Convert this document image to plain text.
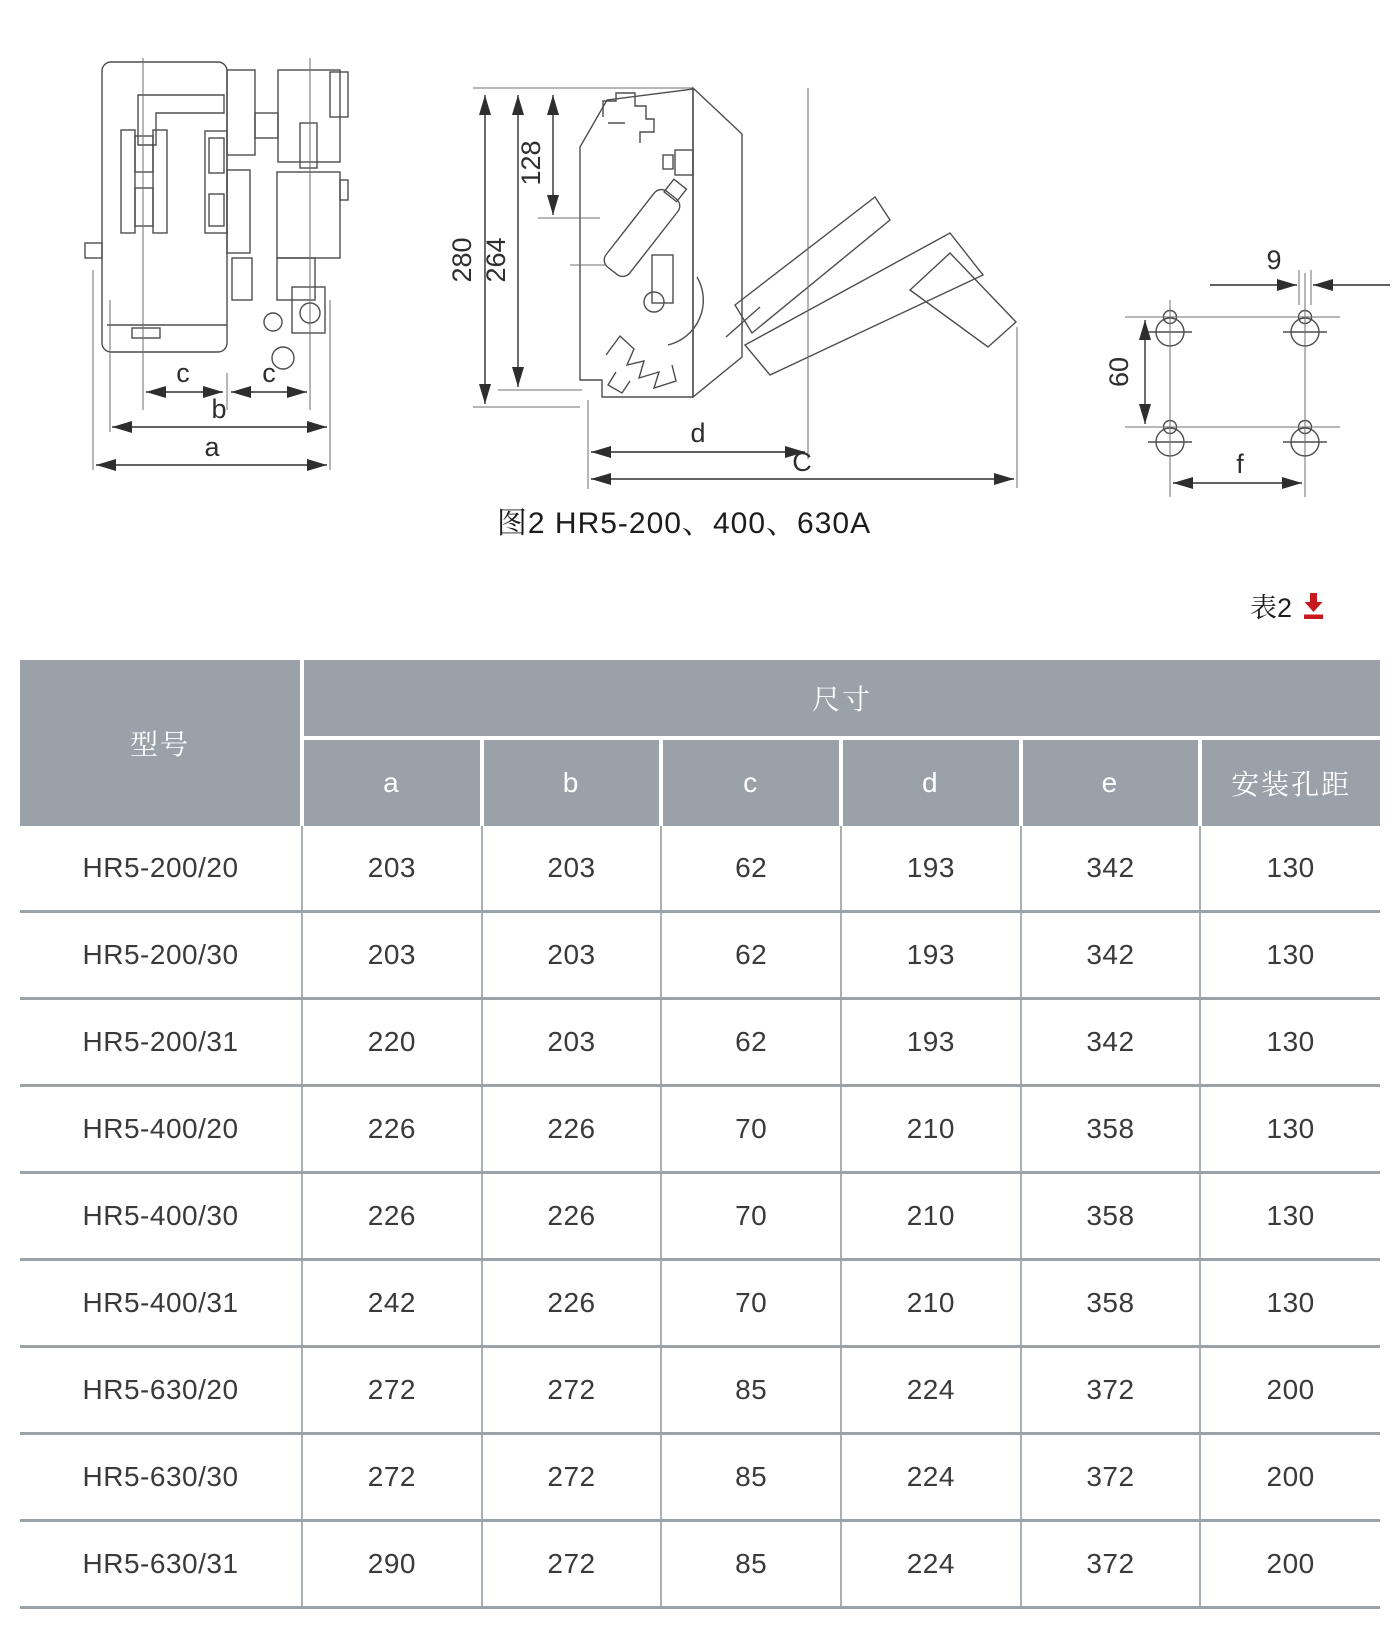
c	c
b
a
280 264
128
d
C
9
60
f
图2 HR5-200、400、630A
表2
型号	尺寸					
	a	b	c	d	e	安装孔距
HR5-200/20	203	203	62	193	342	130
HR5-200/30	203	203	62	193	342	130
HR5-200/31	220	203	62	193	342	130
HR5-400/20	226	226	70	210	358	130
HR5-400/30	226	226	70	210	358	130
HR5-400/31	242	226	70	210	358	130
HR5-630/20	272	272	85	224	372	200
HR5-630/30	272	272	85	224	372	200
HR5-630/31	290	272	85	224	372	200
